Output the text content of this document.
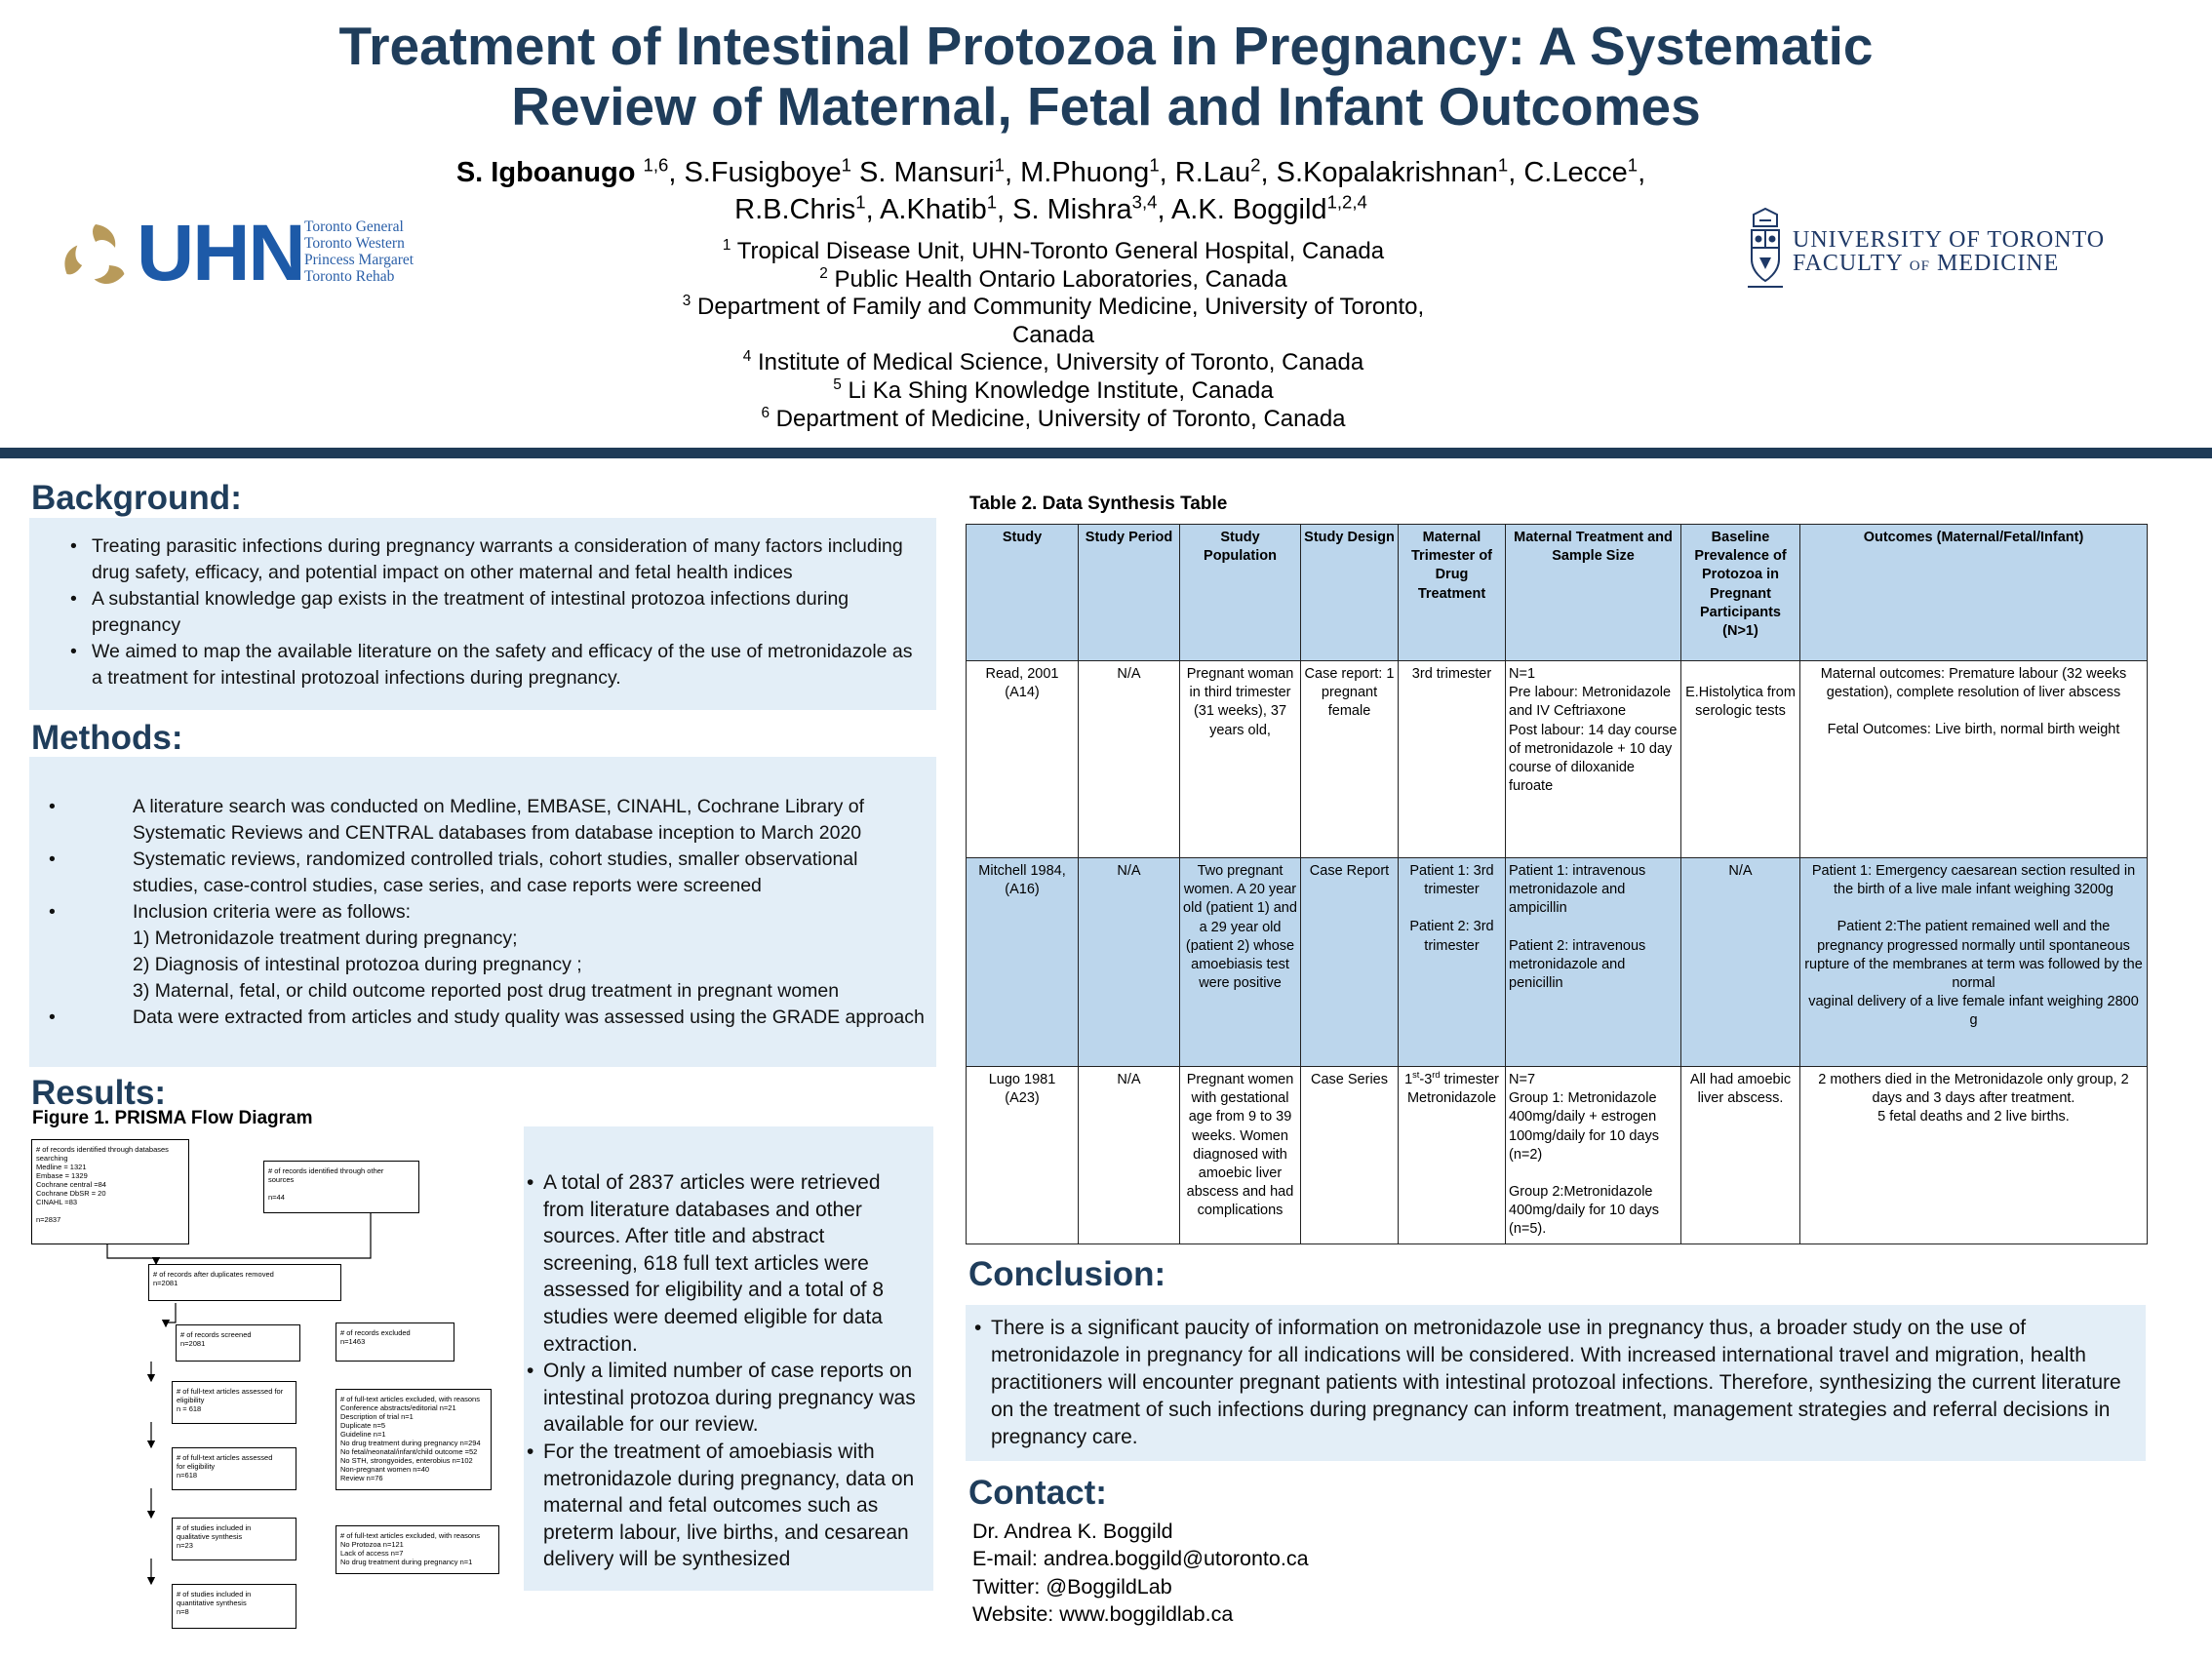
Treatment of Intestinal Protozoa in Pregnancy: A Systematic
Review of Maternal, Fetal and Infant Outcomes
S. Igboanugo $^{1,6}$, S.Fusigboye$^1$ S. Mansuri$^1$, M.Phuong$^1$, R.Lau$^2$, S.Kopalakrishnan$^1$, C.Lecce$^1$,
R.B.Chris$^1$, A.Khatib$^1$, S. Mishra$^{3,4}$, A.K. Boggild$^{1,2,4}$
$^1$ Tropical Disease Unit, UHN-Toronto General Hospital, Canada
$^2$ Public Health Ontario Laboratories, Canada
$^3$ Department of Family and Community Medicine, University of Toronto,
Canada
$^4$ Institute of Medical Science, University of Toronto, Canada
$^5$ Li Ka Shing Knowledge Institute, Canada
$^6$ Department of Medicine, University of Toronto, Canada
UHN Toronto General
Toronto Western
Princess Margaret
Toronto Rehab
UNIVERSITY OF TORONTO
FACULTY OF MEDICINE
Background:
• Treating parasitic infections during pregnancy warrants a consideration of many factors including drug safety, efficacy, and potential impact on other maternal and fetal health indices
• A substantial knowledge gap exists in the treatment of intestinal protozoa infections during pregnancy
• We aimed to map the available literature on the safety and efficacy of the use of metronidazole as a treatment for intestinal protozoal infections during pregnancy.
Methods:
• A literature search was conducted on Medline, EMBASE, CINAHL, Cochrane Library of Systematic Reviews and CENTRAL databases from database inception to March 2020
• Systematic reviews, randomized controlled trials, cohort studies, smaller observational studies, case-control studies, case series, and case reports were screened
• Inclusion criteria were as follows:
1) Metronidazole treatment during pregnancy;
2) Diagnosis of intestinal protozoa during pregnancy ;
3) Maternal, fetal, or child outcome reported post drug treatment in pregnant women
• Data were extracted from articles and study quality was assessed using the GRADE approach
Results:
Figure 1. PRISMA Flow Diagram
# of records identified through databases
searching
Medline = 1321
Embase = 1329
Cochrane central =84
Cochrane DbSR = 20
CINAHL =83

n=2837
# of records identified through other
sources

n=44
# of records after duplicates removed
n=2081
# of records screened
n=2081
# of records excluded
n=1463
# of full-text articles assessed for
eligibility
n = 618
# of full-text articles excluded, with reasons
Conference abstracts/editorial n=21
Description of trial n=1
Duplicate n=5
Guideline n=1
No drug treatment during pregnancy n=294
No fetal/neonatal/infant/child outcome =52
No STH, strongyoides, enterobius n=102
Non-pregnant women n=40
Review n=76
# of full-text articles assessed
for eligibility
n=618
# of studies included in
qualitative synthesis
n=23
# of full-text articles excluded, with reasons
No Protozoa n=121
Lack of access n=7
No drug treatment during pregnancy n=1
# of studies included in
quantitative synthesis
n=8
• A total of 2837 articles were retrieved from literature databases and other sources. After title and abstract screening, 618 full text articles were assessed for eligibility and a total of 8 studies were deemed eligible for data extraction.
• Only a limited number of case reports on intestinal protozoa during pregnancy was available for our review.
• For the treatment of amoebiasis with metronidazole during pregnancy, data on maternal and fetal outcomes such as preterm labour, live births, and cesarean delivery will be synthesized
Table 2. Data Synthesis Table
Study	Study Period	Study Population	Study Design	Maternal Trimester of Drug Treatment	Maternal Treatment and Sample Size	Baseline Prevalence of Protozoa in Pregnant Participants (N>1)	Outcomes (Maternal/Fetal/Infant)
Read, 2001 (A14)	N/A	Pregnant woman in third trimester (31 weeks), 37 years old,	Case report: 1 pregnant female	3rd trimester	N=1
Pre labour: Metronidazole and IV Ceftriaxone
Post labour: 14 day course of metronidazole + 10 day course of diloxanide furoate	E.Histolytica from serologic tests	Maternal outcomes: Premature labour (32 weeks gestation), complete resolution of liver abscess
Fetal Outcomes: Live birth, normal birth weight

Mitchell 1984, (A16)	N/A	Two pregnant women. A 20 year old (patient 1) and a 29 year old (patient 2) whose amoebiasis test were positive	Case Report	Patient 1: 3rd trimester
Patient 2: 3rd trimester	Patient 1: intravenous metronidazole and ampicillin
Patient 2: intravenous metronidazole and penicillin	N/A	Patient 1: Emergency caesarean section resulted in the birth of a live male infant weighing 3200g
Patient 2:The patient remained well and the pregnancy progressed normally until spontaneous rupture of the membranes at term was followed by the normal
vaginal delivery of a live female infant weighing 2800 g

Lugo 1981 (A23)	N/A	Pregnant women with gestational age from 9 to 39 weeks. Women diagnosed with amoebic liver abscess and had complications	Case Series	1st-3rd trimester
Metronidazole	N=7
Group 1: Metronidazole 400mg/daily + estrogen 100mg/daily for 10 days (n=2)
Group 2:Metronidazole 400mg/daily for 10 days (n=5).	All had amoebic liver abscess.	2 mothers died in the Metronidazole only group, 2 days and 3 days after treatment.
5 fetal deaths and 2 live births.
Conclusion:
• There is a significant paucity of information on metronidazole use in pregnancy thus, a broader study on the use of metronidazole in pregnancy for all indications will be considered. With increased international travel and migration, health practitioners will encounter pregnant patients with intestinal protozoal infections. Therefore, synthesizing the current literature on the treatment of such infections during pregnancy can inform treatment, management strategies and referral decisions in pregnancy care.
Contact:
Dr. Andrea K. Boggild
E-mail: andrea.boggild@utoronto.ca
Twitter: @BoggildLab
Website: www.boggildlab.ca
